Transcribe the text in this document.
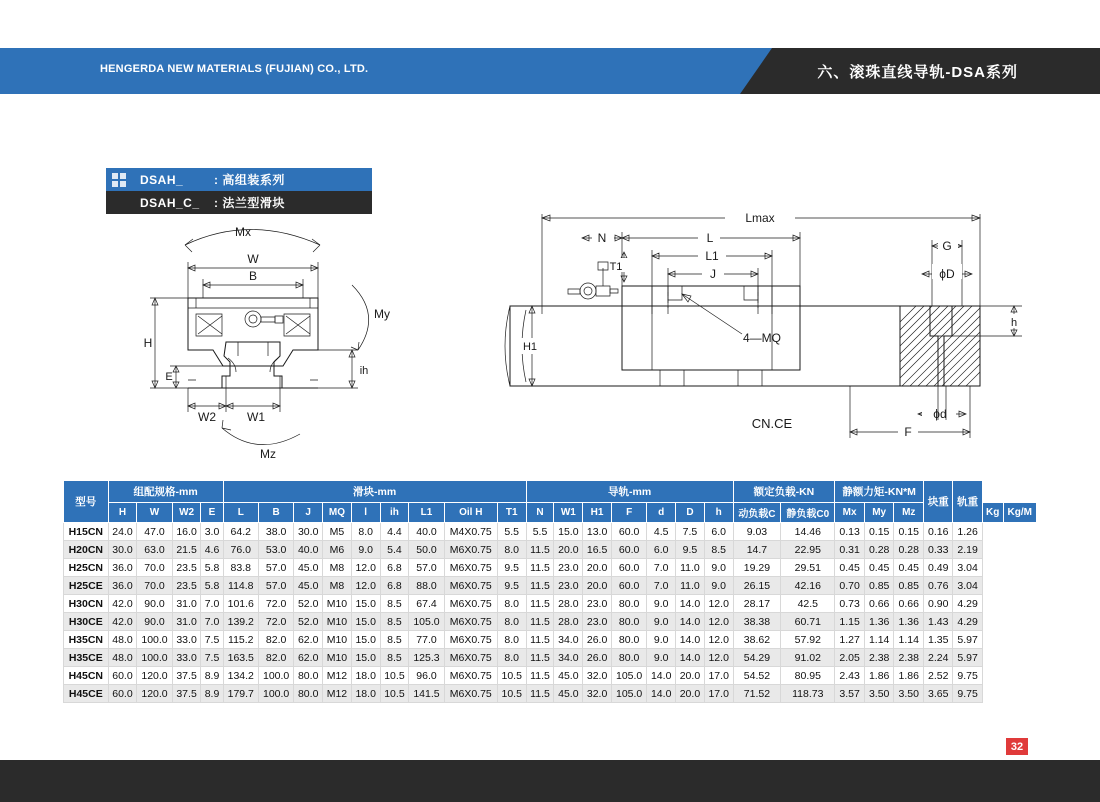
HENGERDA NEW MATERIALS (FUJIAN) CO., LTD.	六、滚珠直线导轨-DSA系列
DSAH_	: 高组装系列
DSAH_C_	: 法兰型滑块
Mx
W
B
H
E
W2	W1
ih
My
Mz
Lmax
N	L
L1
J
T1
4—MQ
H1
G
ϕD
h
ϕd
F
CN.CE
型号	组配规格-mm				滑块-mm									导轨-mm							额定负载-KN		静额力矩-KN*M			块重	轨重		
	H	W	W2	E	L	B	J	MQ	l	ih	L1	Oil H	T1	N	W1	H1	F	d	D	h	动负载C	静负载C0	Mx	My	Mz			Kg	Kg/M
H15CN	24.0	47.0	16.0	3.0	64.2	38.0	30.0	M5	8.0	4.4	40.0	M4X0.75	5.5	5.5	15.0	13.0	60.0	4.5	7.5	6.0	9.03	14.46	0.13	0.15	0.15	0.16	1.26		
H20CN	30.0	63.0	21.5	4.6	76.0	53.0	40.0	M6	9.0	5.4	50.0	M6X0.75	8.0	11.5	20.0	16.5	60.0	6.0	9.5	8.5	14.7	22.95	0.31	0.28	0.28	0.33	2.19		
H25CN	36.0	70.0	23.5	5.8	83.8	57.0	45.0	M8	12.0	6.8	57.0	M6X0.75	9.5	11.5	23.0	20.0	60.0	7.0	11.0	9.0	19.29	29.51	0.45	0.45	0.45	0.49	3.04		
H25CE	36.0	70.0	23.5	5.8	114.8	57.0	45.0	M8	12.0	6.8	88.0	M6X0.75	9.5	11.5	23.0	20.0	60.0	7.0	11.0	9.0	26.15	42.16	0.70	0.85	0.85	0.76	3.04		
H30CN	42.0	90.0	31.0	7.0	101.6	72.0	52.0	M10	15.0	8.5	67.4	M6X0.75	8.0	11.5	28.0	23.0	80.0	9.0	14.0	12.0	28.17	42.5	0.73	0.66	0.66	0.90	4.29		
H30CE	42.0	90.0	31.0	7.0	139.2	72.0	52.0	M10	15.0	8.5	105.0	M6X0.75	8.0	11.5	28.0	23.0	80.0	9.0	14.0	12.0	38.38	60.71	1.15	1.36	1.36	1.43	4.29		
H35CN	48.0	100.0	33.0	7.5	115.2	82.0	62.0	M10	15.0	8.5	77.0	M6X0.75	8.0	11.5	34.0	26.0	80.0	9.0	14.0	12.0	38.62	57.92	1.27	1.14	1.14	1.35	5.97		
H35CE	48.0	100.0	33.0	7.5	163.5	82.0	62.0	M10	15.0	8.5	125.3	M6X0.75	8.0	11.5	34.0	26.0	80.0	9.0	14.0	12.0	54.29	91.02	2.05	2.38	2.38	2.24	5.97		
H45CN	60.0	120.0	37.5	8.9	134.2	100.0	80.0	M12	18.0	10.5	96.0	M6X0.75	10.5	11.5	45.0	32.0	105.0	14.0	20.0	17.0	54.52	80.95	2.43	1.86	1.86	2.52	9.75		
H45CE	60.0	120.0	37.5	8.9	179.7	100.0	80.0	M12	18.0	10.5	141.5	M6X0.75	10.5	11.5	45.0	32.0	105.0	14.0	20.0	17.0	71.52	118.73	3.57	3.50	3.50	3.65	9.75		
32
